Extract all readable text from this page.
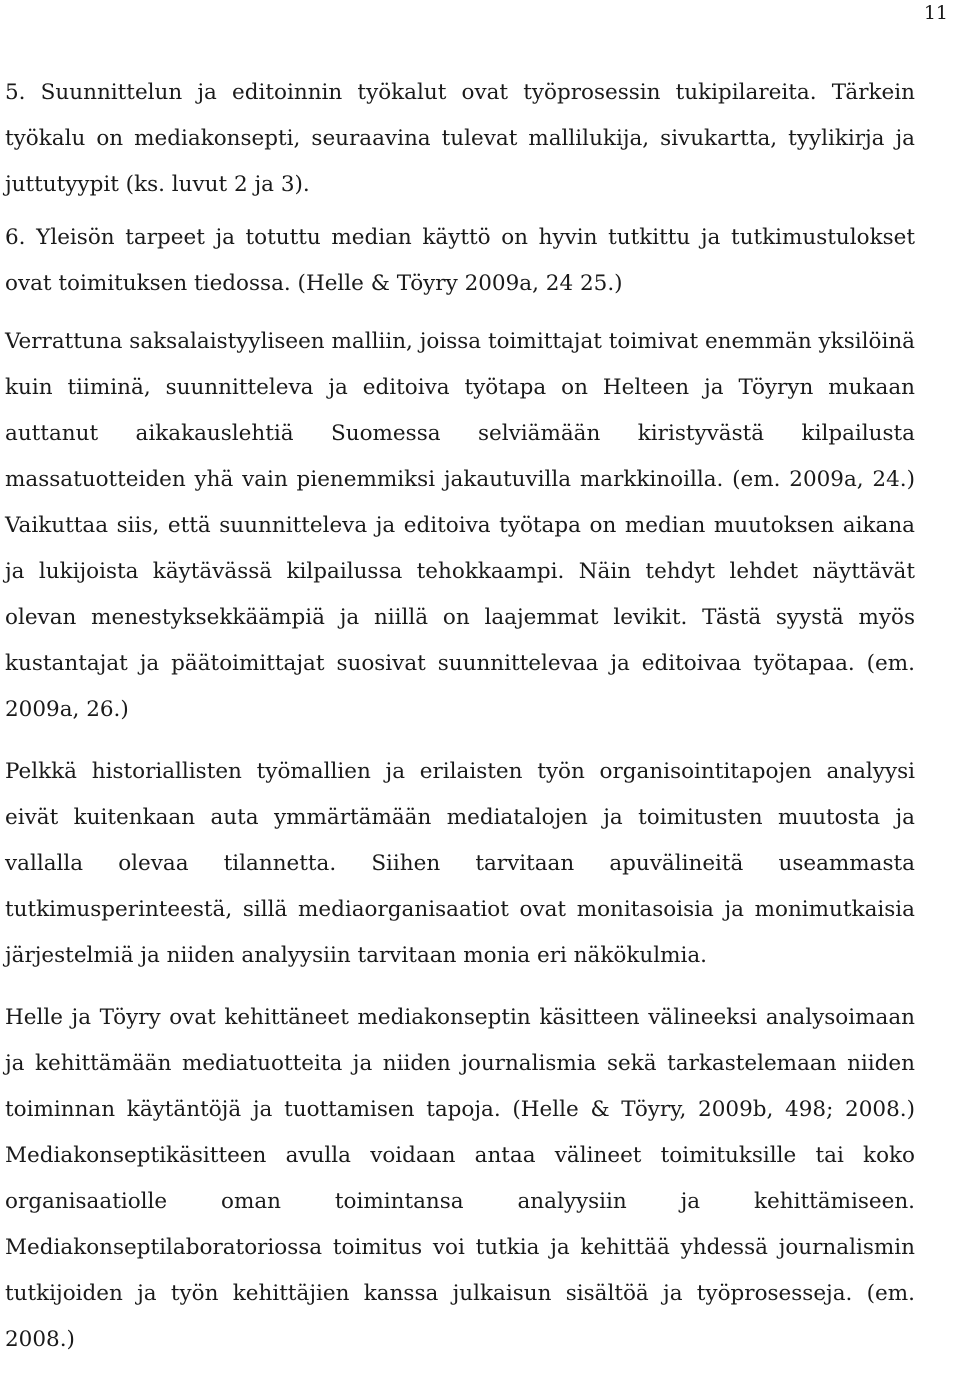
11

5. Suunnittelun ja editoinnin työkalut ovat työprosessin tukipilareita. Tärkein työkalu on mediakonsepti, seuraavina tulevat mallilukija, sivukartta, tyylikirja ja juttutyypit (ks. luvut 2 ja 3).

6. Yleisön tarpeet ja totuttu median käyttö on hyvin tutkittu ja tutkimustulokset ovat toimituksen tiedossa. (Helle & Töyry 2009a, 24 25.)

Verrattuna saksalaistyyliseen malliin, joissa toimittajat toimivat enemmän yksilöinä kuin tiiminä, suunnitteleva ja editoiva työtapa on Helteen ja Töyryn mukaan auttanut aikakauslehtiä Suomessa selviämään kiristyvästä kilpailusta massatuotteiden yhä vain pienemmiksi jakautuvilla markkinoilla. (em. 2009a, 24.) Vaikuttaa siis, että suunnitteleva ja editoiva työtapa on median muutoksen aikana ja lukijoista käytävässä kilpailussa tehokkaampi. Näin tehdyt lehdet näyttävät olevan menestyksekkäämpiä ja niillä on laajemmat levikit. Tästä syystä myös kustantajat ja päätoimittajat suosivat suunnittelevaa ja editoivaa työtapaa. (em. 2009a, 26.)

Pelkkä historiallisten työmallien ja erilaisten työn organisointitapojen analyysi eivät kuitenkaan auta ymmärtämään mediatalojen ja toimitusten muutosta ja vallalla olevaa tilannetta. Siihen tarvitaan apuvälineitä useammasta tutkimusperinteestä, sillä mediaorganisaatiot ovat monitasoisia ja monimutkaisia järjestelmiä ja niiden analyysiin tarvitaan monia eri näkökulmia.

Helle ja Töyry ovat kehittäneet mediakonseptin käsitteen välineeksi analysoimaan ja kehittämään mediatuotteita ja niiden journalismia sekä tarkastelemaan niiden toiminnan käytäntöjä ja tuottamisen tapoja. (Helle & Töyry, 2009b, 498; 2008.) Mediakonseptikäsitteen avulla voidaan antaa välineet toimituksille tai koko organisaatiolle oman toimintansa analyysiin ja kehittämiseen. Mediakonseptilaboratoriossa toimitus voi tutkia ja kehittää yhdessä journalismin tutkijoiden ja työn kehittäjien kanssa julkaisun sisältöä ja työprosesseja. (em. 2008.)
